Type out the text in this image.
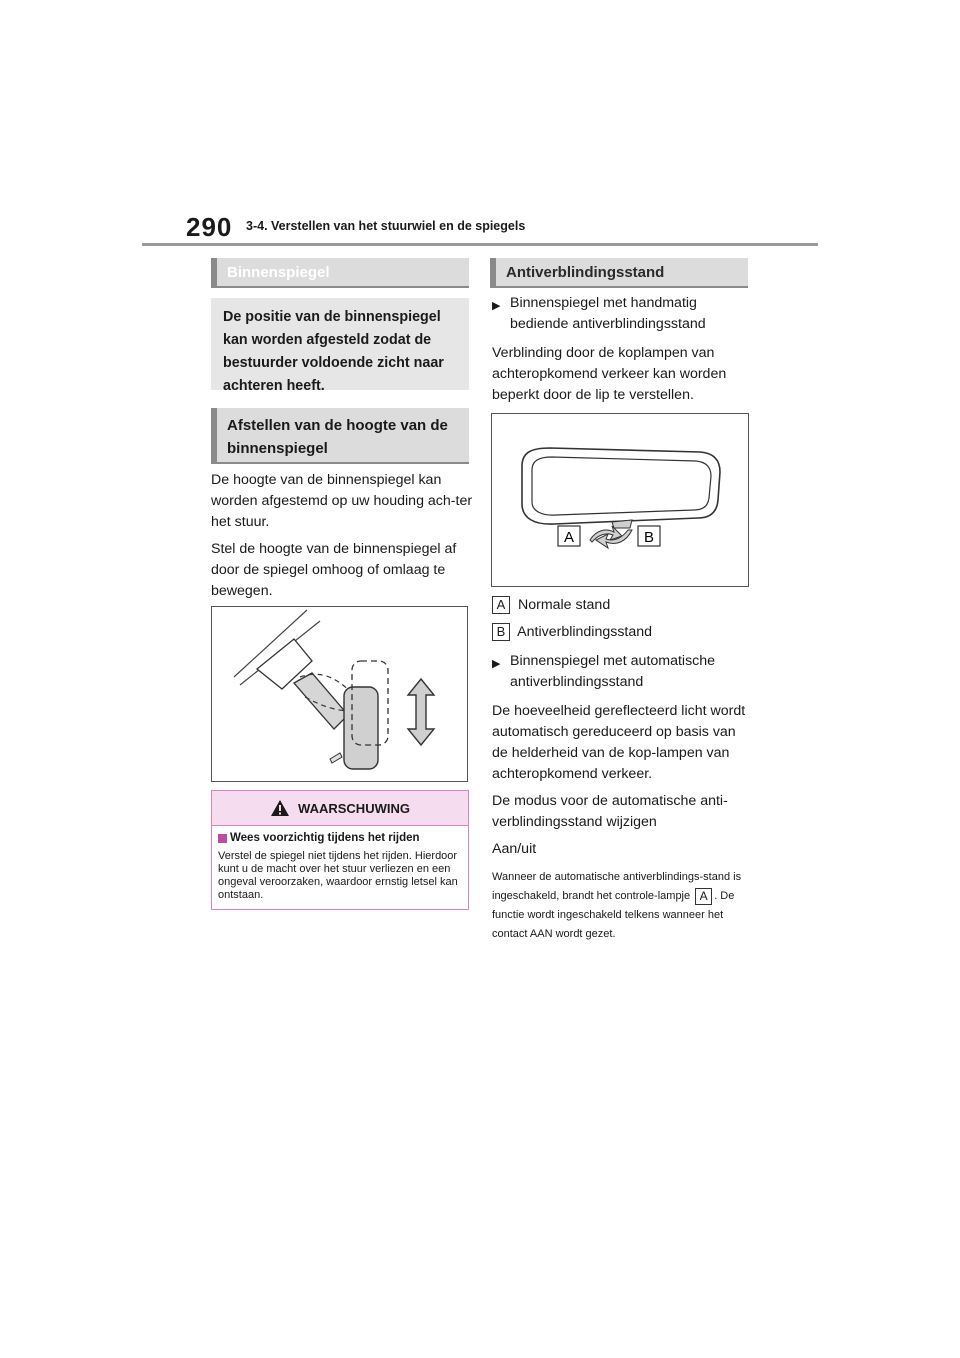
290 3-4. Verstellen van het stuurwiel en de spiegels
Binnenspiegel
De positie van de binnenspiegel kan worden afgesteld zodat de bestuurder voldoende zicht naar achteren heeft.
Afstellen van de hoogte van de binnenspiegel

De hoogte van de binnenspiegel kan worden afgestemd op uw houding ach-ter het stuur.

Stel de hoogte van de binnenspiegel af door de spiegel omhoog of omlaag te bewegen.

WAARSCHUWING
Wees voorzichtig tijdens het rijden
Verstel de spiegel niet tijdens het rijden. Hierdoor kunt u de macht over het stuur verliezen en een ongeval veroorzaken, waardoor ernstig letsel kan ontstaan.
Antiverblindingsstand
▶ Binnenspiegel met handmatig bediende antiverblindingsstand

Verblinding door de koplampen van achteropkomend verkeer kan worden beperkt door de lip te verstellen.

A	B
A Normale stand
B Antiverblindingsstand
▶ Binnenspiegel met automatische antiverblindingsstand

De hoeveelheid gereflecteerd licht wordt automatisch gereduceerd op basis van de helderheid van de kop-lampen van achteropkomend verkeer.

De modus voor de automatische anti-verblindingsstand wijzigen

Aan/uit

Wanneer de automatische antiverblindings-stand is ingeschakeld, brandt het controle-lampje A . De functie wordt ingeschakeld telkens wanneer het contact AAN wordt gezet.
